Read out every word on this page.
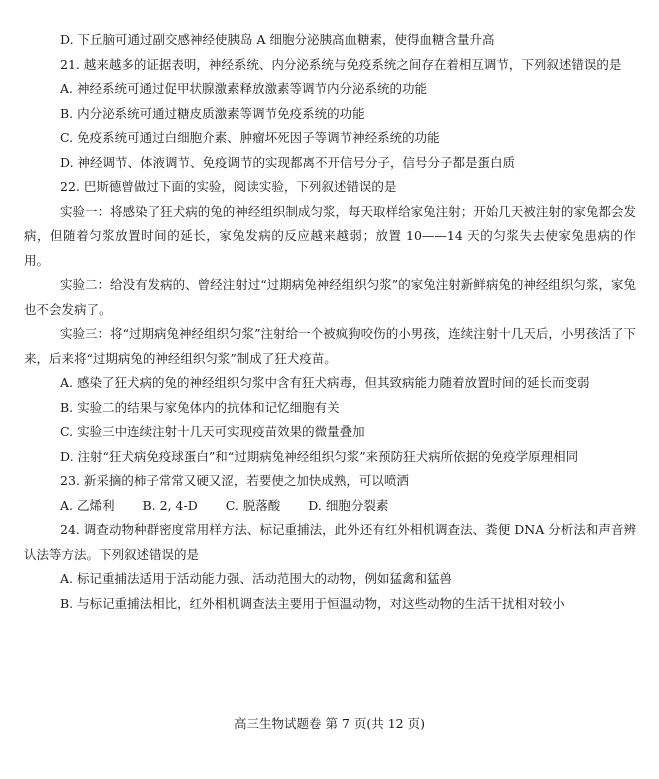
D. 下丘脑可通过副交感神经使胰岛 A 细胞分泌胰高血糖素，使得血糖含量升高
21. 越来越多的证据表明，神经系统、内分泌系统与免疫系统之间存在着相互调节，下列叙述错误的是
A. 神经系统可通过促甲状腺激素释放激素等调节内分泌系统的功能
B. 内分泌系统可通过糖皮质激素等调节免疫系统的功能
C. 免疫系统可通过白细胞介素、肿瘤坏死因子等调节神经系统的功能
D. 神经调节、体液调节、免疫调节的实现都离不开信号分子，信号分子都是蛋白质
22. 巴斯德曾做过下面的实验，阅读实验，下列叙述错误的是
实验一：将感染了狂犬病的兔的神经组织制成匀浆，每天取样给家兔注射；开始几天被注射的家兔都会发病，但随着匀浆放置时间的延长，家兔发病的反应越来越弱；放置 10——14 天的匀浆失去使家兔患病的作用。
实验二：给没有发病的、曾经注射过“过期病兔神经组织匀浆”的家兔注射新鲜病兔的神经组织匀浆，家兔也不会发病了。
实验三：将“过期病兔神经组织匀浆”注射给一个被疯狗咬伤的小男孩，连续注射十几天后，小男孩活了下来，后来将“过期病兔的神经组织匀浆”制成了狂犬疫苗。
A. 感染了狂犬病的兔的神经组织匀浆中含有狂犬病毒，但其致病能力随着放置时间的延长而变弱
B. 实验二的结果与家兔体内的抗体和记忆细胞有关
C. 实验三中连续注射十几天可实现疫苗效果的微量叠加
D. 注射“狂犬病免疫球蛋白”和“过期病兔神经组织匀浆”来预防狂犬病所依据的免疫学原理相同
23. 新采摘的柿子常常又硬又涩，若要使之加快成熟，可以喷洒
A. 乙烯利 B. 2, 4-D C. 脱落酸 D. 细胞分裂素
24. 调查动物种群密度常用样方法、标记重捕法，此外还有红外相机调查法、粪便 DNA 分析法和声音辨认法等方法。下列叙述错误的是
A. 标记重捕法适用于活动能力强、活动范围大的动物，例如猛禽和猛兽
B. 与标记重捕法相比，红外相机调查法主要用于恒温动物，对这些动物的生活干扰相对较小
高三生物试题卷 第 7 页(共 12 页)
